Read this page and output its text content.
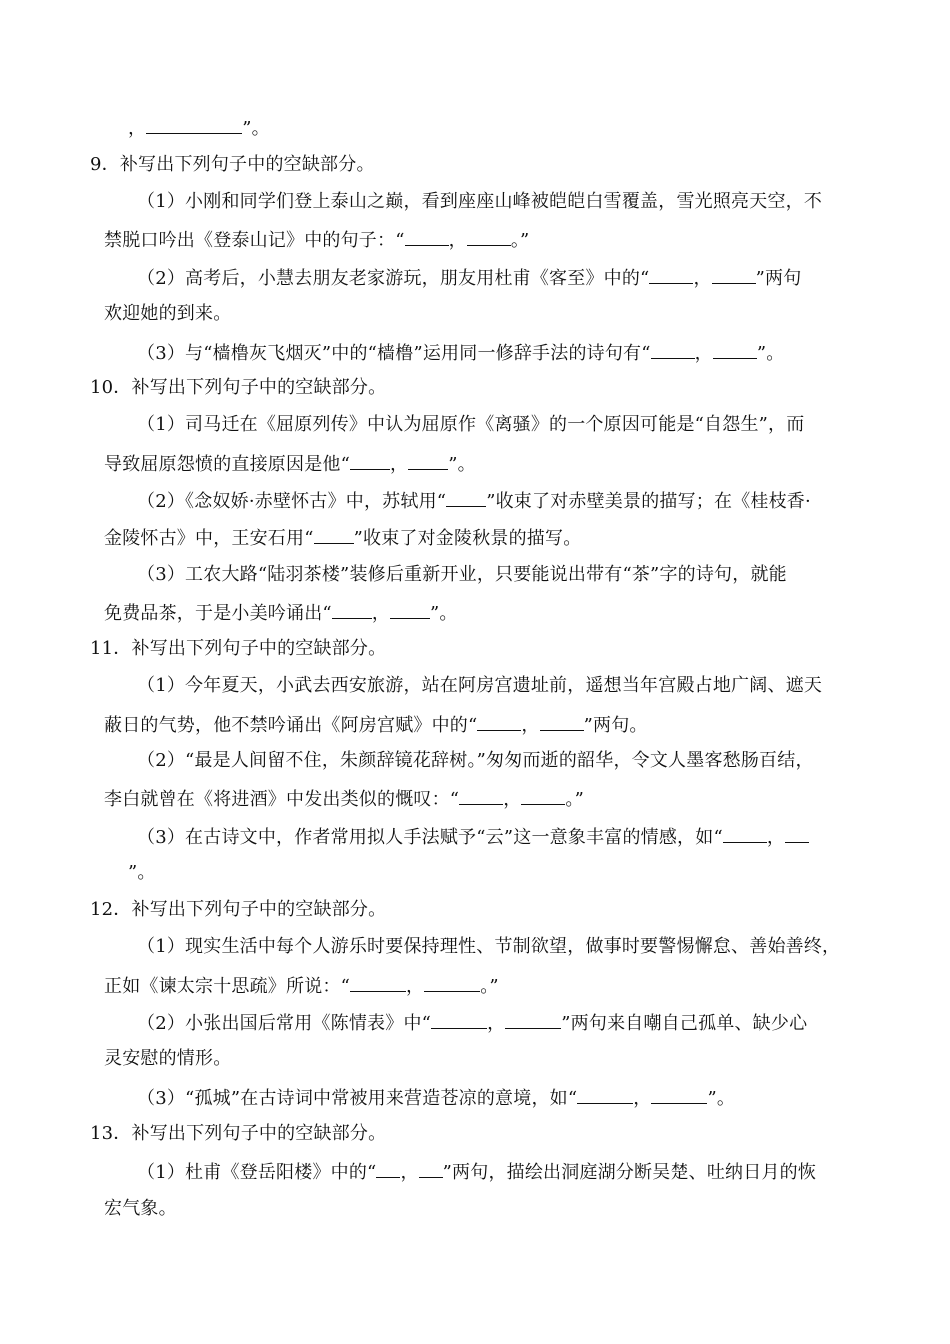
，	”。
9．补写出下列句子中的空缺部分。
（1）小刚和同学们登上泰山之巅，看到座座山峰被皑皑白雪覆盖，雪光照亮天空，不
禁脱口吟出《登泰山记》中的句子：“ ， 。”
（2）高考后，小慧去朋友老家游玩，朋友用杜甫《客至》中的“ ， ”两句
欢迎她的到来。
（3）与“樯橹灰飞烟灭”中的“樯橹”运用同一修辞手法的诗句有“ ， ”。
10．补写出下列句子中的空缺部分。
（1）司马迁在《屈原列传》中认为屈原作《离骚》的一个原因可能是“自怨生”，而
导致屈原怨愤的直接原因是他“ ， ”。
（2）《念奴娇·赤壁怀古》中，苏轼用“ ”收束了对赤壁美景的描写；在《桂枝香·
金陵怀古》中，王安石用“ ”收束了对金陵秋景的描写。
（3）工农大路“陆羽茶楼”装修后重新开业，只要能说出带有“茶”字的诗句，就能
免费品茶，于是小美吟诵出“ ， ”。
11．补写出下列句子中的空缺部分。
（1）今年夏天，小武去西安旅游，站在阿房宫遗址前，遥想当年宫殿占地广阔、遮天
蔽日的气势，他不禁吟诵出《阿房宫赋》中的“ ， ”两句。
（2）“最是人间留不住，朱颜辞镜花辞树。”匆匆而逝的韶华，令文人墨客愁肠百结，
李白就曾在《将进酒》中发出类似的慨叹：“ ， 。”
（3）在古诗文中，作者常用拟人手法赋予“云”这一意象丰富的情感，如“ ，
”。
12．补写出下列句子中的空缺部分。
（1）现实生活中每个人游乐时要保持理性、节制欲望，做事时要警惕懈怠、善始善终，
正如《谏太宗十思疏》所说：“	，	。”
（2）小张出国后常用《陈情表》中“	，	”两句来自嘲自己孤单、缺少心
灵安慰的情形。
（3）“孤城”在古诗词中常被用来营造苍凉的意境，如“	，	”。
13．补写出下列句子中的空缺部分。
（1）杜甫《登岳阳楼》中的“ ， ”两句，描绘出洞庭湖分断吴楚、吐纳日月的恢
宏气象。
